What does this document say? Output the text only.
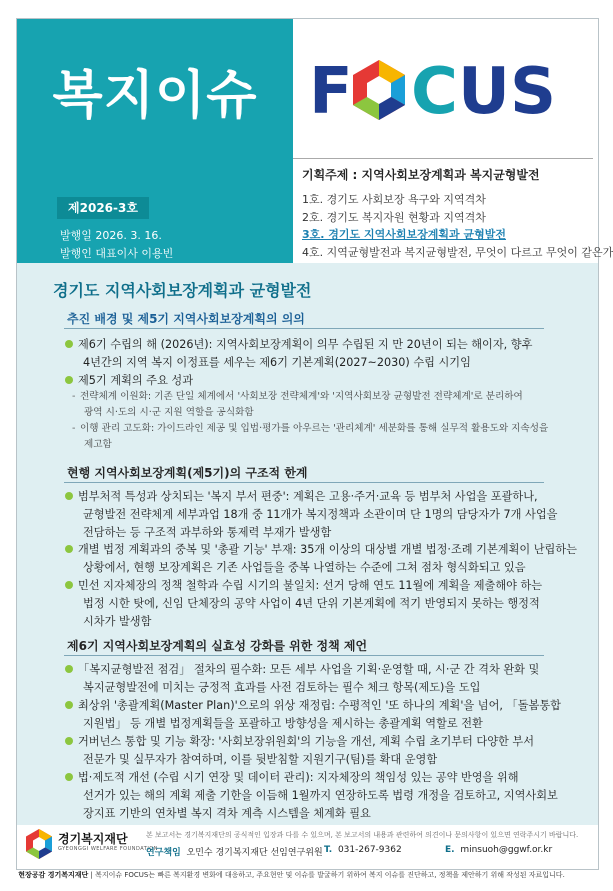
복지이슈
제2026-3호
발행일 2026. 3. 16.
발행인 대표이사 이용빈
F CUS
기획주제 : 지역사회보장계획과 복지균형발전
1호. 경기도 사회보장 욕구와 지역격차
2호. 경기도 복지자원 현황과 지역격차
3호. 경기도 지역사회보장계획과 균형발전
4호. 지역균형발전과 복지균형발전, 무엇이 다르고 무엇이 같은가
경기도 지역사회보장계획과 균형발전
추진 배경 및 제5기 지역사회보장계획의 의의
제6기 수립의 해 (2026년): 지역사회보장계획이 의무 수립된 지 만 20년이 되는 해이자, 향후
4년간의 지역 복지 이정표를 세우는 제6기 기본계획(2027~2030) 수립 시기임
제5기 계획의 주요 성과
- 전략체계 이원화: 기존 단일 체계에서 '사회보장 전략체계'와 '지역사회보장 균형발전 전략체계'로 분리하여
광역 시·도의 시·군 지원 역할을 공식화함
- 이행 관리 고도화: 가이드라인 제공 및 입법·평가를 아우르는 '관리체계' 세분화를 통해 실무적 활용도와 지속성을
제고함
현행 지역사회보장계획(제5기)의 구조적 한계
범부처적 특성과 상치되는 '복지 부서 편중': 계획은 고용·주거·교육 등 범부처 사업을 포괄하나,
균형발전 전략체계 세부과업 18개 중 11개가 복지정책과 소관이며 단 1명의 담당자가 7개 사업을
전담하는 등 구조적 과부하와 통제력 부재가 발생함
개별 법정 계획과의 중복 및 '총괄 기능' 부재: 35개 이상의 대상별 개별 법정·조례 기본계획이 난립하는
상황에서, 현행 보장계획은 기존 사업들을 중복 나열하는 수준에 그쳐 점차 형식화되고 있음
민선 지자체장의 정책 철학과 수립 시기의 불일치: 선거 당해 연도 11월에 계획을 제출해야 하는
법정 시한 탓에, 신임 단체장의 공약 사업이 4년 단위 기본계획에 적기 반영되지 못하는 행정적
시차가 발생함
제6기 지역사회보장계획의 실효성 강화를 위한 정책 제언
「복지균형발전 점검」 절차의 필수화: 모든 세부 사업을 기획·운영할 때, 시·군 간 격차 완화 및
복지균형발전에 미치는 긍정적 효과를 사전 검토하는 필수 체크 항목(제도)을 도입
최상위 '총괄계획(Master Plan)'으로의 위상 재정립: 수평적인 '또 하나의 계획'을 넘어, 「돌봄통합
지원법」 등 개별 법정계획들을 포괄하고 방향성을 제시하는 총괄계획 역할로 전환
거버넌스 통합 및 기능 확장: '사회보장위원회'의 기능을 개선, 계획 수립 초기부터 다양한 부서
전문가 및 실무자가 참여하며, 이를 뒷받침할 지원기구(팀)를 확대 운영함
법·제도적 개선 (수립 시기 연장 및 데이터 관리): 지자체장의 책임성 있는 공약 반영을 위해
선거가 있는 해의 계획 제출 기한을 이듬해 1월까지 연장하도록 법령 개정을 검토하고, 지역사회보
장지표 기반의 연차별 복지 격차 계측 시스템을 체계화 필요
경기복지재단
GYEONGGI WELFARE FOUNDATION
본 보고서는 경기복지재단의 공식적인 입장과 다를 수 있으며, 본 보고서의 내용과 관련하여 의견이나 문의사항이 있으면 연락주시기 바랍니다.
연구책임 오민수 경기복지재단 선임연구위원 T. 031-267-9362	E. minsuoh@ggwf.or.kr
현장공감 경기복지재단 | 복지이슈 FOCUS는 빠른 복지환경 변화에 대응하고, 주요현안 및 이슈를 발굴하기 위하여 복지 이슈를 진단하고, 정책을 제안하기 위해 작성된 자료입니다.
